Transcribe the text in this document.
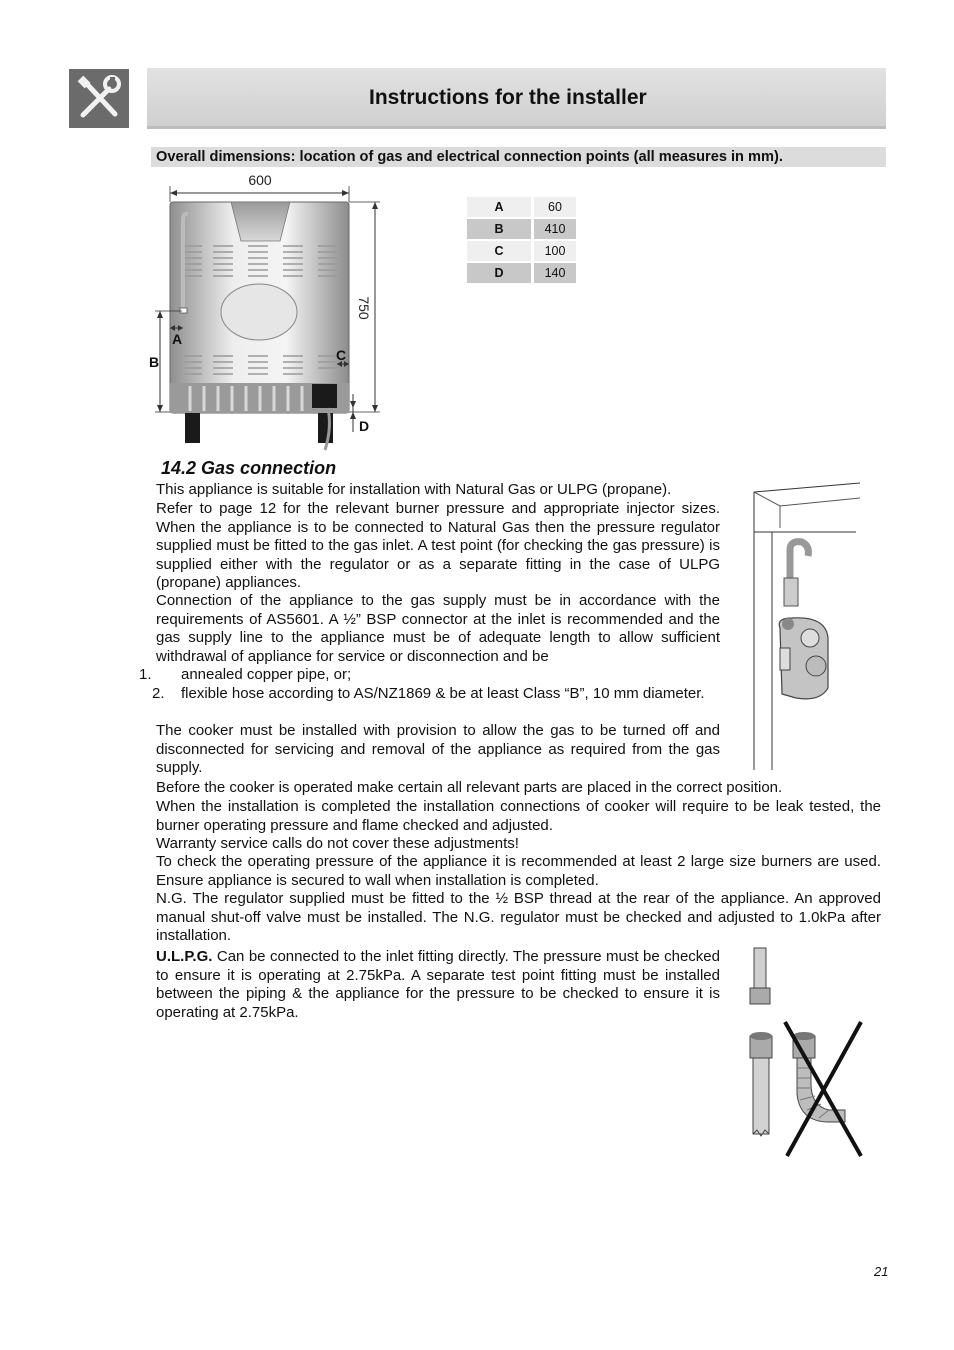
Instructions for the installer
Overall dimensions: location of gas and electrical connection points (all measures in mm).
600
750
B
A
C
D
A	60
B	410
C	100
D	140
14.2 Gas connection
This appliance is suitable for installation with Natural Gas or ULPG (propane).
Refer to page 12 for the relevant burner pressure and appropriate injector sizes. When the appliance is to be connected to Natural Gas then the pressure regulator supplied must be fitted to the gas inlet. A test point (for checking the gas pressure) is supplied either with the regulator or as a separate fitting in the case of ULPG (propane) appliances.
Connection of the appliance to the gas supply must be in accordance with the requirements of AS5601. A ½” BSP connector at the inlet is recommended and the gas supply line to the appliance must be of adequate length to allow sufficient withdrawal of appliance for service or disconnection and be
1. annealed copper pipe, or;
2. flexible hose according to AS/NZ1869 & be at least Class “B”, 10 mm diameter.
The cooker must be installed with provision to allow the gas to be turned off and disconnected for servicing and removal of the appliance as required from the gas supply.
Before the cooker is operated make certain all relevant parts are placed in the correct position.
When the installation is completed the installation connections of cooker will require to be leak tested, the burner operating pressure and flame checked and adjusted.
Warranty service calls do not cover these adjustments!
To check the operating pressure of the appliance it is recommended at least 2 large size burners are used. Ensure appliance is secured to wall when installation is completed.
N.G. The regulator supplied must be fitted to the ½ BSP thread at the rear of the appliance. An approved manual shut-off valve must be installed. The N.G. regulator must be checked and adjusted to 1.0kPa after installation.
U.L.P.G. Can be connected to the inlet fitting directly. The pressure must be checked to ensure it is operating at 2.75kPa. A separate test point fitting must be installed between the piping & the appliance for the pressure to be checked to ensure it is operating at 2.75kPa.
21
